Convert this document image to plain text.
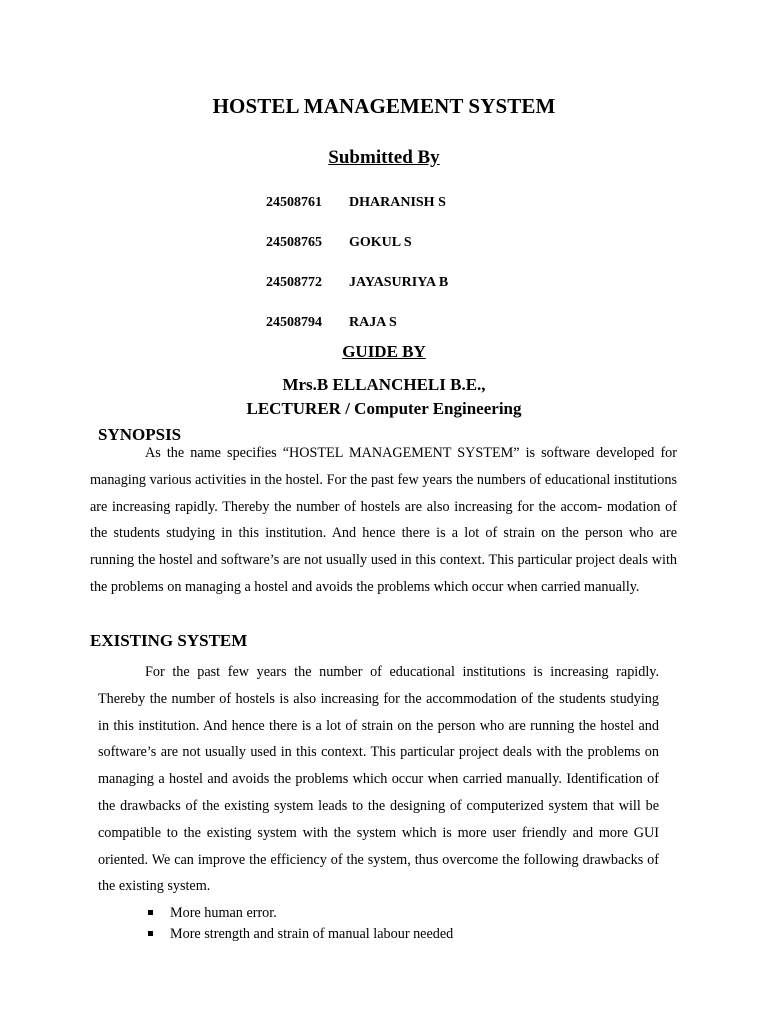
HOSTEL MANAGEMENT SYSTEM
Submitted By
24508761 DHARANISH S
24508765 GOKUL S
24508772 JAYASURIYA B
24508794 RAJA S
GUIDE BY
Mrs.B ELLANCHELI B.E.,
LECTURER / Computer Engineering
SYNOPSIS
As the name specifies “HOSTEL MANAGEMENT SYSTEM” is software developed for managing various activities in the hostel. For the past few years the numbers of educational institutions are increasing rapidly. Thereby the number of hostels are also increasing for the accom- modation of the students studying in this institution. And hence there is a lot of strain on the person who are running the hostel and software’s are not usually used in this context. This particular project deals with the problems on managing a hostel and avoids the problems which occur when carried manually.
EXISTING SYSTEM
For the past few years the number of educational institutions is increasing rapidly. Thereby the number of hostels is also increasing for the accommodation of the students studying in this institution. And hence there is a lot of strain on the person who are running the hostel and software’s are not usually used in this context. This particular project deals with the problems on managing a hostel and avoids the problems which occur when carried manually. Identification of the drawbacks of the existing system leads to the designing of computerized system that will be compatible to the existing system with the system which is more user friendly and more GUI oriented. We can improve the efficiency of the system, thus overcome the following drawbacks of the existing system.
More human error.
More strength and strain of manual labour needed
